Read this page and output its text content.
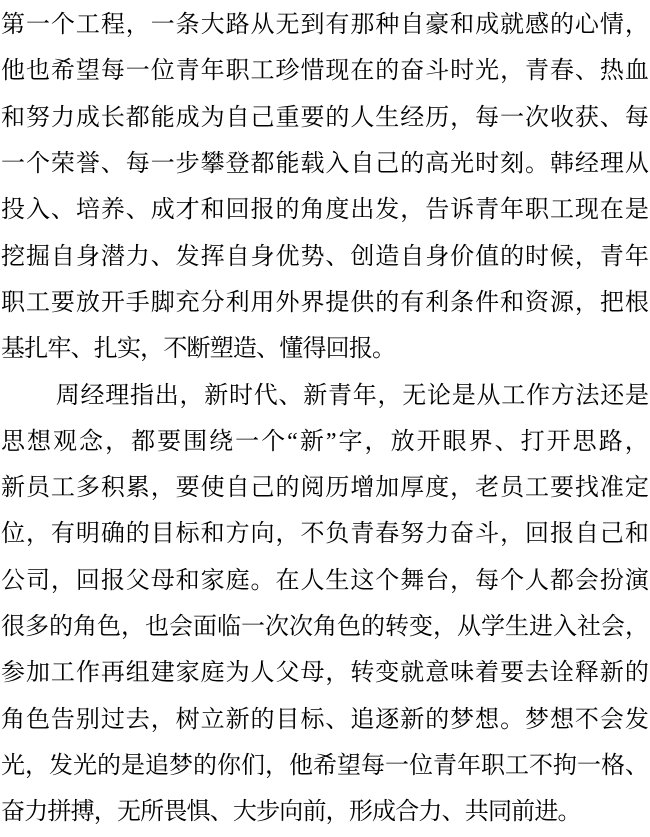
第 一 个 工 程 ， 一 条 大 路 从 无 到 有 那 种 自 豪 和 成 就 感 的 心 情 ，
他 也 希 望 每 一 位 青 年 职 工 珍 惜 现 在 的 奋 斗 时 光 ， 青 春 、 热 血
和 努 力 成 长 都 能 成 为 自 己 重 要 的 人 生 经 历 ， 每 一 次 收 获 、 每
一 个 荣 誉 、 每 一 步 攀 登 都 能 载 入 自 己 的 高 光 时 刻 。 韩 经 理 从
投 入 、 培 养 、 成 才 和 回 报 的 角 度 出 发 ， 告 诉 青 年 职 工 现 在 是
挖 掘 自 身 潜 力 、 发 挥 自 身 优 势 、 创 造 自 身 价 值 的 时 候 ， 青 年
职 工 要 放 开 手 脚 充 分 利 用 外 界 提 供 的 有 利 条 件 和 资 源 ， 把 根
基 扎 牢 、 扎 实 ， 不 断 塑 造 、 懂 得 回 报 。
周 经 理 指 出 ， 新 时 代 、 新 青 年 ， 无 论 是 从 工 作 方 法 还 是
思 想 观 念 ， 都 要 围 绕 一 个 “ 新 ” 字 ， 放 开 眼 界 、 打 开 思 路 ，
新 员 工 多 积 累 ， 要 使 自 己 的 阅 历 增 加 厚 度 ， 老 员 工 要 找 准 定
位 ， 有 明 确 的 目 标 和 方 向 ， 不 负 青 春 努 力 奋 斗 ， 回 报 自 己 和
公 司 ， 回 报 父 母 和 家 庭 。 在 人 生 这 个 舞 台 ， 每 个 人 都 会 扮 演
很 多 的 角 色 ， 也 会 面 临 一 次 次 角 色 的 转 变 ， 从 学 生 进 入 社 会 ，
参 加 工 作 再 组 建 家 庭 为 人 父 母 ， 转 变 就 意 味 着 要 去 诠 释 新 的
角 色 告 别 过 去 ， 树 立 新 的 目 标 、 追 逐 新 的 梦 想 。 梦 想 不 会 发
光 ， 发 光 的 是 追 梦 的 你 们 ， 他 希 望 每 一 位 青 年 职 工 不 拘 一 格 、
奋 力 拼 搏 ， 无 所 畏 惧 、 大 步 向 前 ， 形 成 合 力 、 共 同 前 进 。
